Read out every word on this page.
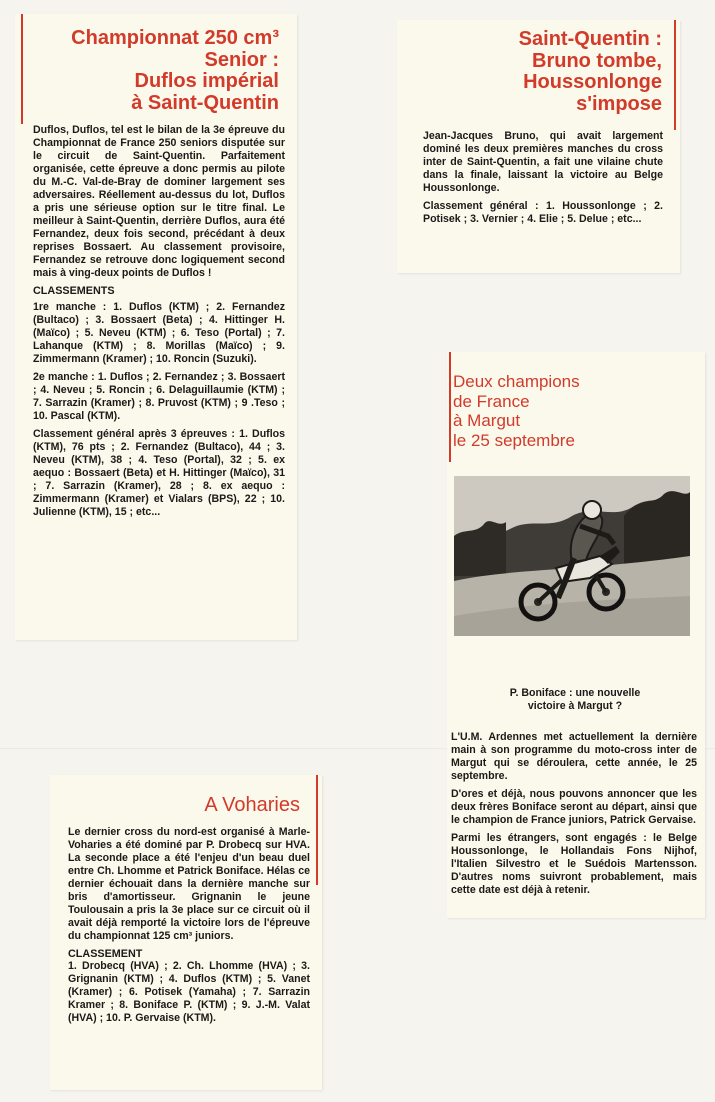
Championnat 250 cm³
Senior :
Duflos impérial
à Saint-Quentin

Duflos, Duflos, tel est le bilan de la 3e épreuve du Championnat de France 250 seniors disputée sur le circuit de Saint-Quentin. Parfaitement organisée, cette épreuve a donc permis au pilote du M.-C. Val-de-Bray de dominer largement ses adversaires. Réellement au-dessus du lot, Duflos a pris une sérieuse option sur le titre final. Le meilleur à Saint-Quentin, derrière Duflos, aura été Fernandez, deux fois second, précédant à deux reprises Bossaert. Au classement provisoire, Fernandez se retrouve donc logiquement second mais à ving-deux points de Duflos !

CLASSEMENTS

1re manche : 1. Duflos (KTM) ; 2. Fernandez (Bultaco) ; 3. Bossaert (Beta) ; 4. Hittinger H. (Maïco) ; 5. Neveu (KTM) ; 6. Teso (Portal) ; 7. Lahanque (KTM) ; 8. Morillas (Maïco) ; 9. Zimmermann (Kramer) ; 10. Roncin (Suzuki).

2e manche : 1. Duflos ; 2. Fernandez ; 3. Bossaert ; 4. Neveu ; 5. Roncin ; 6. Delaguillaumie (KTM) ; 7. Sarrazin (Kramer) ; 8. Pruvost (KTM) ; 9 .Teso ; 10. Pascal (KTM).

Classement général après 3 épreuves : 1. Duflos (KTM), 76 pts ; 2. Fernandez (Bultaco), 44 ; 3. Neveu (KTM), 38 ; 4. Teso (Portal), 32 ; 5. ex aequo : Bossaert (Beta) et H. Hittinger (Maïco), 31 ; 7. Sarrazin (Kramer), 28 ; 8. ex aequo : Zimmermann (Kramer) et Vialars (BPS), 22 ; 10. Julienne (KTM), 15 ; etc...

Saint-Quentin :
Bruno tombe,
Houssonlonge
s'impose

Jean-Jacques Bruno, qui avait largement dominé les deux premières manches du cross inter de Saint-Quentin, a fait une vilaine chute dans la finale, laissant la victoire au Belge Houssonlonge.

Classement général : 1. Houssonlonge ; 2. Potisek ; 3. Vernier ; 4. Elie ; 5. Delue ; etc...

Deux champions
de France
à Margut
le 25 septembre
P. Boniface : une nouvelle
victoire à Margut ?

L'U.M. Ardennes met actuellement la dernière main à son programme du moto-cross inter de Margut qui se déroulera, cette année, le 25 septembre.

D'ores et déjà, nous pouvons annoncer que les deux frères Boniface seront au départ, ainsi que le champion de France juniors, Patrick Gervaise.

Parmi les étrangers, sont engagés : le Belge Houssonlonge, le Hollandais Fons Nijhof, l'Italien Silvestro et le Suédois Martensson. D'autres noms suivront probablement, mais cette date est déjà à retenir.

A Voharies

Le dernier cross du nord-est organisé à Marle-Voharies a été dominé par P. Drobecq sur HVA. La seconde place a été l'enjeu d'un beau duel entre Ch. Lhomme et Patrick Boniface. Hélas ce dernier échouait dans la dernière manche sur bris d'amortisseur. Grignanin le jeune Toulousain a pris la 3e place sur ce circuit où il avait déjà remporté la victoire lors de l'épreuve du championnat 125 cm³ juniors.

CLASSEMENT

1. Drobecq (HVA) ; 2. Ch. Lhomme (HVA) ; 3. Grignanin (KTM) ; 4. Duflos (KTM) ; 5. Vanet (Kramer) ; 6. Potisek (Yamaha) ; 7. Sarrazin Kramer ; 8. Boniface P. (KTM) ; 9. J.-M. Valat (HVA) ; 10. P. Gervaise (KTM).
